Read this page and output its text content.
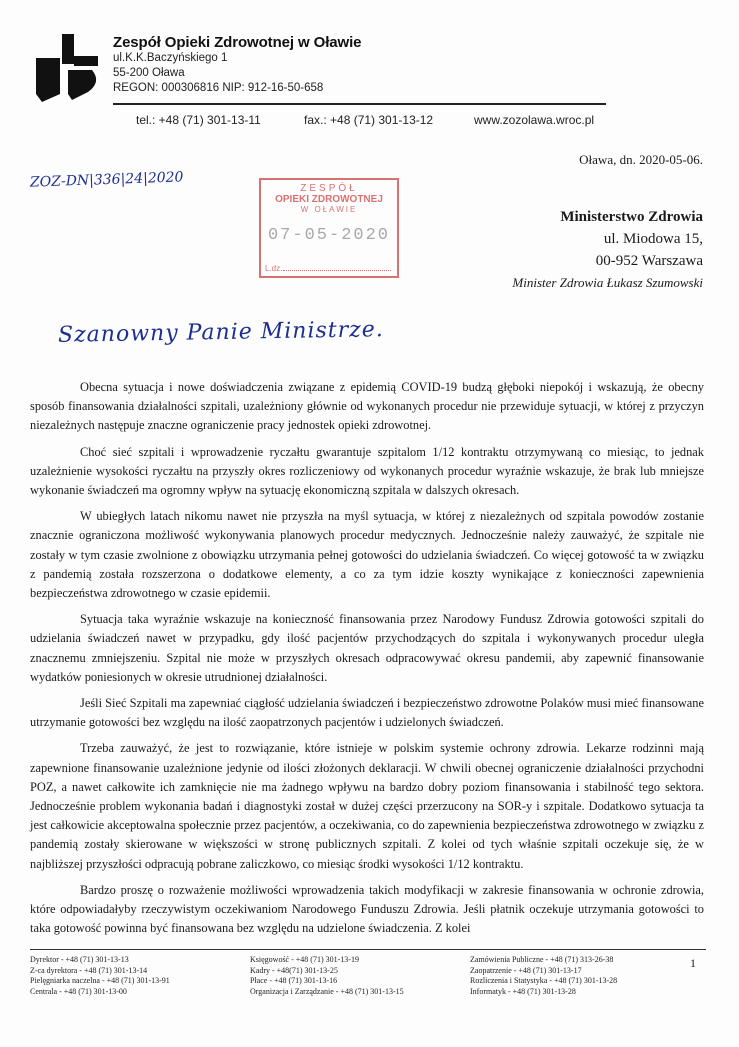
Zespół Opieki Zdrowotnej w Oławie
ul.K.K.Baczyńskiego 1
55-200 Oława
REGON: 000306816 NIP: 912-16-50-658
tel.: +48 (71) 301-13-11	fax.: +48 (71) 301-13-12	www.zozolawa.wroc.pl
Oława, dn. 2020-05-06.
ZOZ-DN|336|24|2020	ZESPÓŁ
OPIEKI ZDROWOTNEJ
W OŁAWIE
07-05-2020
L.dz.
Ministerstwo Zdrowia
ul. Miodowa 15,
00-952 Warszawa
Minister Zdrowia Łukasz Szumowski
Szanowny Panie Ministrze.

Obecna sytuacja i nowe doświadczenia związane z epidemią COVID-19 budzą głęboki niepokój i wskazują, że obecny sposób finansowania działalności szpitali, uzależniony głównie od wykonanych procedur nie przewiduje sytuacji, w której z przyczyn niezależnych następuje znaczne ograniczenie pracy jednostek opieki zdrowotnej.

Choć sieć szpitali i wprowadzenie ryczałtu gwarantuje szpitalom 1/12 kontraktu otrzymywaną co miesiąc, to jednak uzależnienie wysokości ryczałtu na przyszły okres rozliczeniowy od wykonanych procedur wyraźnie wskazuje, że brak lub mniejsze wykonanie świadczeń ma ogromny wpływ na sytuację ekonomiczną szpitala w dalszych okresach.

W ubiegłych latach nikomu nawet nie przyszła na myśl sytuacja, w której z niezależnych od szpitala powodów zostanie znacznie ograniczona możliwość wykonywania planowych procedur medycznych. Jednocześnie należy zauważyć, że szpitale nie zostały w tym czasie zwolnione z obowiązku utrzymania pełnej gotowości do udzielania świadczeń. Co więcej gotowość ta w związku z pandemią została rozszerzona o dodatkowe elementy, a co za tym idzie koszty wynikające z konieczności zapewnienia bezpieczeństwa zdrowotnego w czasie epidemii.

Sytuacja taka wyraźnie wskazuje na konieczność finansowania przez Narodowy Fundusz Zdrowia gotowości szpitali do udzielania świadczeń nawet w przypadku, gdy ilość pacjentów przychodzących do szpitala i wykonywanych procedur uległa znacznemu zmniejszeniu. Szpital nie może w przyszłych okresach odpracowywać okresu pandemii, aby zapewnić finansowanie wydatków poniesionych w okresie utrudnionej działalności.

Jeśli Sieć Szpitali ma zapewniać ciągłość udzielania świadczeń i bezpieczeństwo zdrowotne Polaków musi mieć finansowane utrzymanie gotowości bez względu na ilość zaopatrzonych pacjentów i udzielonych świadczeń.

Trzeba zauważyć, że jest to rozwiązanie, które istnieje w polskim systemie ochrony zdrowia. Lekarze rodzinni mają zapewnione finansowanie uzależnione jedynie od ilości złożonych deklaracji. W chwili obecnej ograniczenie działalności przychodni POZ, a nawet całkowite ich zamknięcie nie ma żadnego wpływu na bardzo dobry poziom finansowania i stabilność tego sektora. Jednocześnie problem wykonania badań i diagnostyki został w dużej części przerzucony na SOR-y i szpitale. Dodatkowo sytuacja ta jest całkowicie akceptowalna społecznie przez pacjentów, a oczekiwania, co do zapewnienia bezpieczeństwa zdrowotnego w związku z pandemią zostały skierowane w większości w stronę publicznych szpitali. Z kolei od tych właśnie szpitali oczekuje się, że w najbliższej przyszłości odpracują pobrane zaliczkowo, co miesiąc środki wysokości 1/12 kontraktu.

Bardzo proszę o rozważenie możliwości wprowadzenia takich modyfikacji w zakresie finansowania w ochronie zdrowia, które odpowiadałyby rzeczywistym oczekiwaniom Narodowego Funduszu Zdrowia. Jeśli płatnik oczekuje utrzymania gotowości to taka gotowość powinna być finansowana bez względu na udzielone świadczenia. Z kolei

Dyrektor - +48 (71) 301-13-13
Z-ca dyrektora - +48 (71) 301-13-14
Pielęgniarka naczelna - +48 (71) 301-13-91
Centrala - +48 (71) 301-13-00
Księgowość - +48 (71) 301-13-19
Kadry - +48(71) 301-13-25
Płace - +48 (71) 301-13-16
Organizacja i Zarządzanie - +48 (71) 301-13-15
Zamówienia Publiczne - +48 (71) 313-26-38
Zaopatrzenie - +48 (71) 301-13-17
Rozliczenia i Statystyka - +48 (71) 301-13-28
Informatyk - +48 (71) 301-13-28
1
